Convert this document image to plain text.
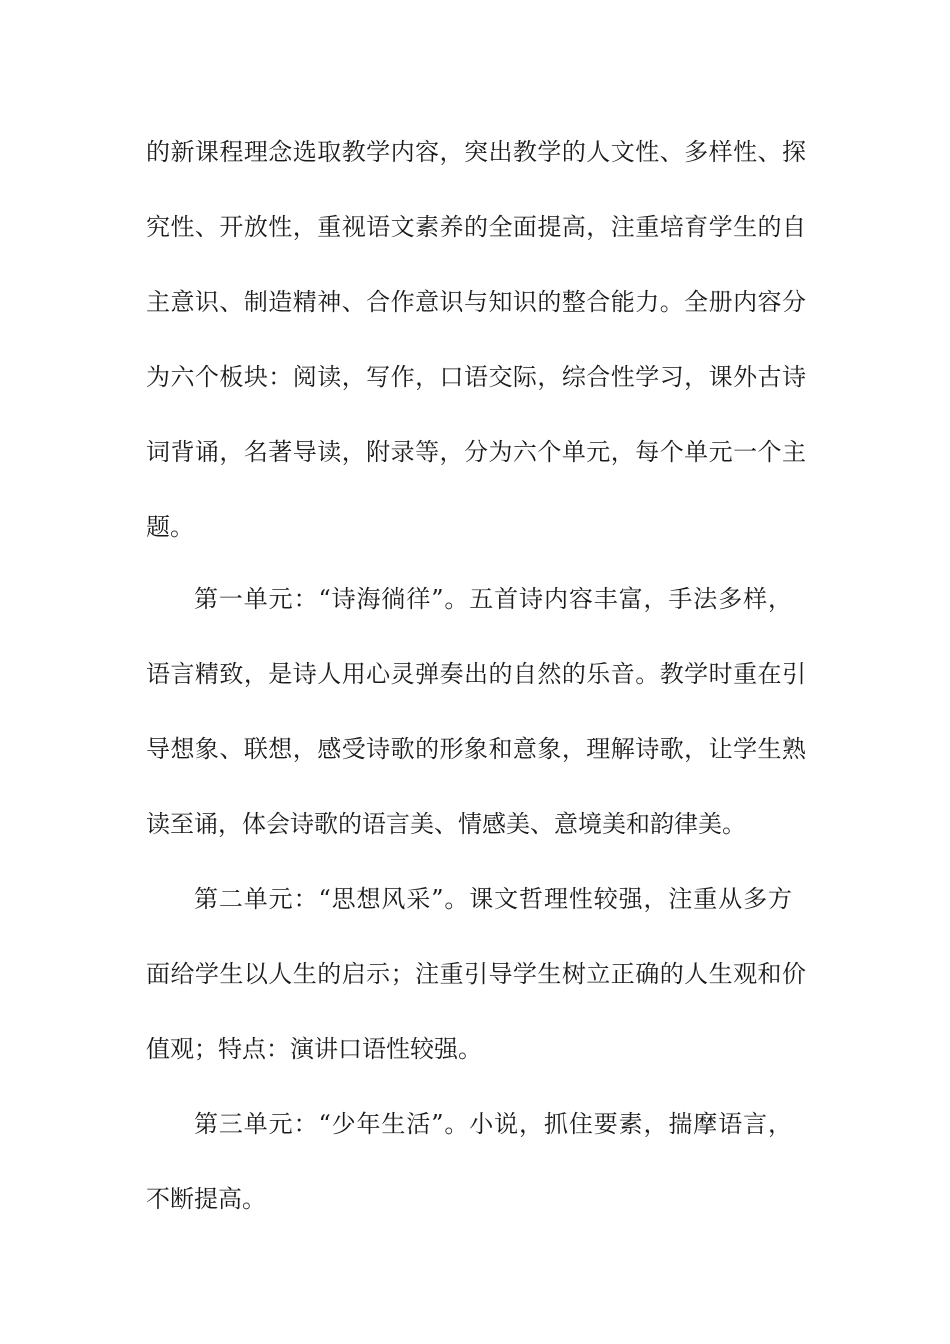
的新课程理念选取教学内容，突出教学的人文性、多样性、探
究性、开放性，重视语文素养的全面提高，注重培育学生的自
主意识、制造精神、合作意识与知识的整合能力。全册内容分
为六个板块：阅读，写作，口语交际，综合性学习，课外古诗
词背诵，名著导读，附录等，分为六个单元，每个单元一个主
题。
第一单元：“诗海徜徉”。五首诗内容丰富，手法多样，
语言精致，是诗人用心灵弹奏出的自然的乐音。教学时重在引
导想象、联想，感受诗歌的形象和意象，理解诗歌，让学生熟
读至诵，体会诗歌的语言美、情感美、意境美和韵律美。
第二单元：“思想风采”。课文哲理性较强，注重从多方
面给学生以人生的启示；注重引导学生树立正确的人生观和价
值观；特点：演讲口语性较强。
第三单元：“少年生活”。小说，抓住要素，揣摩语言，
不断提高。
